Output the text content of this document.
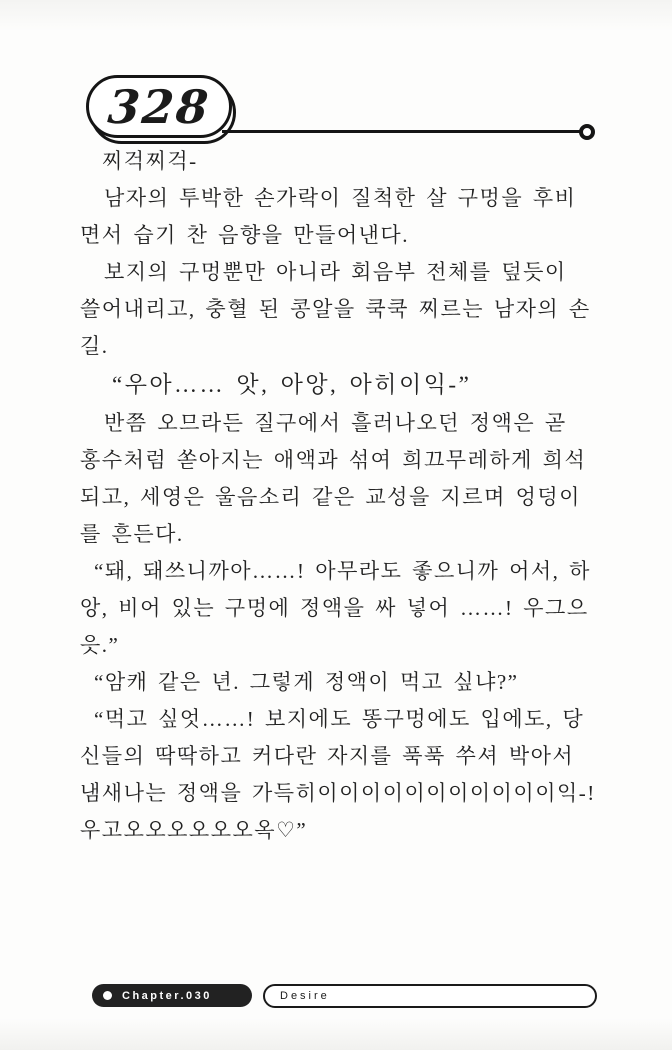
328

찌걱찌걱-

남자의 투박한 손가락이 질척한 살 구멍을 후비면서 습기 찬 음향을 만들어낸다.

보지의 구멍뿐만 아니라 회음부 전체를 덮듯이 쓸어내리고, 충혈 된 콩알을 쿡쿡 찌르는 남자의 손길.

“우아…… 앗, 아앙, 아히이익-”

반쯤 오므라든 질구에서 흘러나오던 정액은 곧 홍수처럼 쏟아지는 애액과 섞여 희끄무레하게 희석되고, 세영은 울음소리 같은 교성을 지르며 엉덩이를 흔든다.

“돼, 돼쓰니까아……! 아무라도 좋으니까 어서, 하앙, 비어 있는 구멍에 정액을 싸 넣어 ……! 우그으읏.”

“암캐 같은 년. 그렇게 정액이 먹고 싶냐?”

“먹고 싶엇……! 보지에도 똥구멍에도 입에도, 당신들의 딱딱하고 커다란 자지를 푹푹 쑤셔 박아서 냄새나는 정액을 가득히이이이이이이이이이이이익-! 우고오오오오오오옥♡”

Chapter.030	Desire
